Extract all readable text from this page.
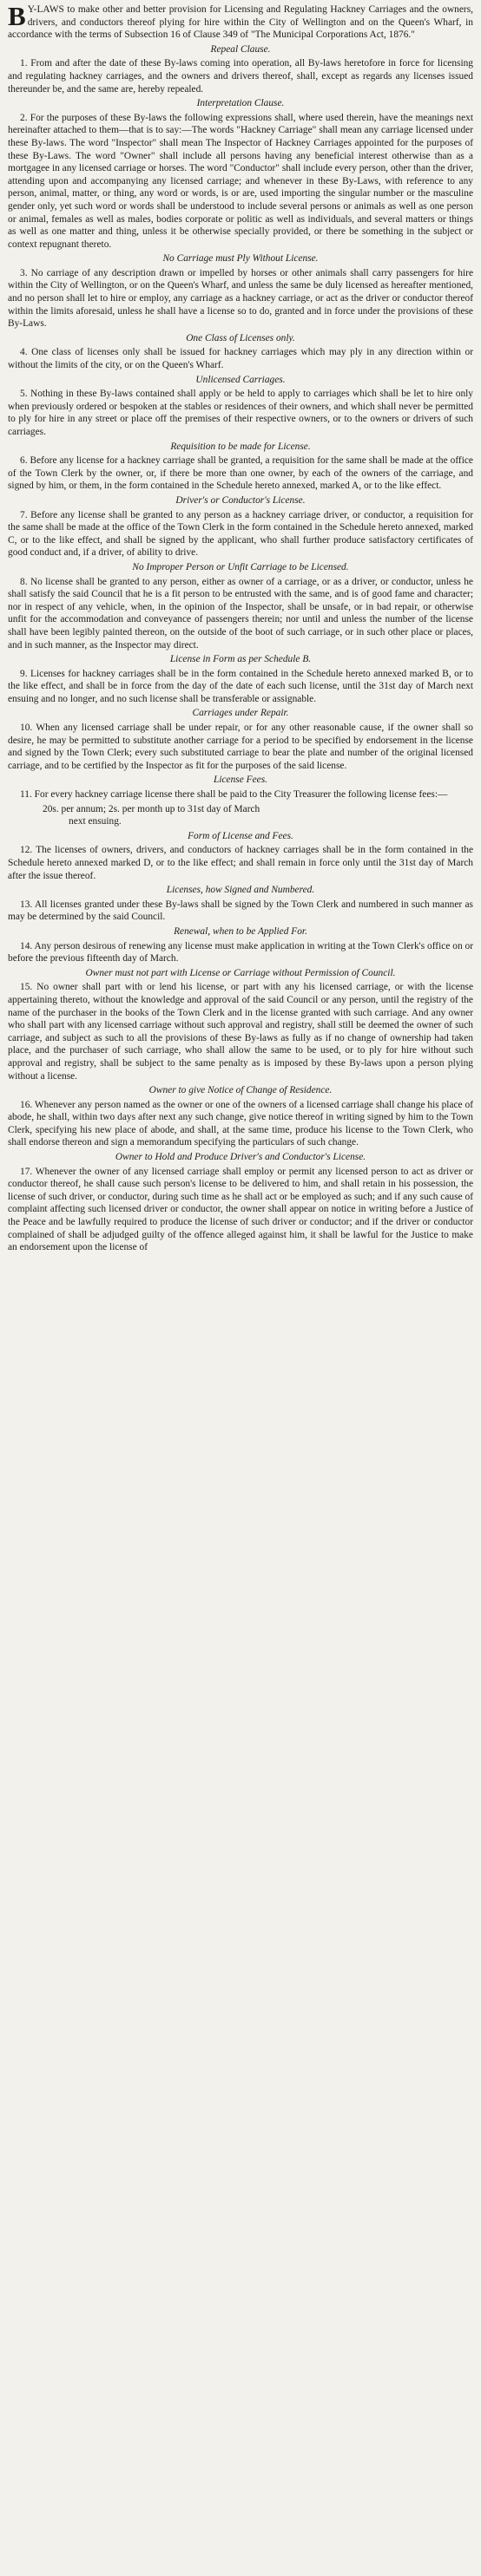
B Y-LAWS to make other and better provision for Licensing and Regulating Hackney Carriages and the owners, drivers, and conductors thereof plying for hire within the City of Wellington and on the Queen's Wharf, in accordance with the terms of Subsection 16 of Clause 349 of "The Municipal Corporations Act, 1876."

Repeal Clause.

1. From and after the date of these By-laws coming into operation, all By-laws heretofore in force for licensing and regulating hackney carriages, and the owners and drivers thereof, shall, except as regards any licenses issued thereunder be, and the same are, hereby repealed.

Interpretation Clause.

2. For the purposes of these By-laws the following expressions shall, where used therein, have the meanings next hereinafter attached to them—that is to say:—The words "Hackney Carriage" shall mean any carriage licensed under these By-laws. The word "Inspector" shall mean The Inspector of Hackney Carriages appointed for the purposes of these By-Laws. The word "Owner" shall include all persons having any beneficial interest otherwise than as a mortgagee in any licensed carriage or horses. The word "Conductor" shall include every person, other than the driver, attending upon and accompanying any licensed carriage; and whenever in these By-Laws, with reference to any person, animal, matter, or thing, any word or words, is or are, used importing the singular number or the masculine gender only, yet such word or words shall be understood to include several persons or animals as well as one person or animal, females as well as males, bodies corporate or politic as well as individuals, and several matters or things as well as one matter and thing, unless it be otherwise specially provided, or there be something in the subject or context repugnant thereto.

No Carriage must Ply Without License.

3. No carriage of any description drawn or impelled by horses or other animals shall carry passengers for hire within the City of Wellington, or on the Queen's Wharf, and unless the same be duly licensed as hereafter mentioned, and no person shall let to hire or employ, any carriage as a hackney carriage, or act as the driver or conductor thereof within the limits aforesaid, unless he shall have a license so to do, granted and in force under the provisions of these By-Laws.

One Class of Licenses only.

4. One class of licenses only shall be issued for hackney carriages which may ply in any direction within or without the limits of the city, or on the Queen's Wharf.

Unlicensed Carriages.

5. Nothing in these By-laws contained shall apply or be held to apply to carriages which shall be let to hire only when previously ordered or bespoken at the stables or residences of their owners, and which shall never be permitted to ply for hire in any street or place off the premises of their respective owners, or to the owners or drivers of such carriages.

Requisition to be made for License.

6. Before any license for a hackney carriage shall be granted, a requisition for the same shall be made at the office of the Town Clerk by the owner, or, if there be more than one owner, by each of the owners of the carriage, and signed by him, or them, in the form contained in the Schedule hereto annexed, marked A, or to the like effect.

Driver's or Conductor's License.

7. Before any license shall be granted to any person as a hackney carriage driver, or conductor, a requisition for the same shall be made at the office of the Town Clerk in the form contained in the Schedule hereto annexed, marked C, or to the like effect, and shall be signed by the applicant, who shall further produce satisfactory certificates of good conduct and, if a driver, of ability to drive.

No Improper Person or Unfit Carriage to be Licensed.

8. No license shall be granted to any person, either as owner of a carriage, or as a driver, or conductor, unless he shall satisfy the said Council that he is a fit person to be entrusted with the same, and is of good fame and character; nor in respect of any vehicle, when, in the opinion of the Inspector, shall be unsafe, or in bad repair, or otherwise unfit for the accommodation and conveyance of passengers therein; nor until and unless the number of the license shall have been legibly painted thereon, on the outside of the boot of such carriage, or in such other place or places, and in such manner, as the Inspector may direct.

License in Form as per Schedule B.

9. Licenses for hackney carriages shall be in the form contained in the Schedule hereto annexed marked B, or to the like effect, and shall be in force from the day of the date of each such license, until the 31st day of March next ensuing and no longer, and no such license shall be transferable or assignable.

Carriages under Repair.

10. When any licensed carriage shall be under repair, or for any other reasonable cause, if the owner shall so desire, he may be permitted to substitute another carriage for a period to be specified by endorsement in the license and signed by the Town Clerk; every such substituted carriage to bear the plate and number of the original licensed carriage, and to be certified by the Inspector as fit for the purposes of the said license.

License Fees.

11. For every hackney carriage license there shall be paid to the City Treasurer the following license fees:—

20s. per annum; 2s. per month up to 31st day of March
next ensuing.

Form of License and Fees.

12. The licenses of owners, drivers, and conductors of hackney carriages shall be in the form contained in the Schedule hereto annexed marked D, or to the like effect; and shall remain in force only until the 31st day of March after the issue thereof.

Licenses, how Signed and Numbered.

13. All licenses granted under these By-laws shall be signed by the Town Clerk and numbered in such manner as may be determined by the said Council.

Renewal, when to be Applied For.

14. Any person desirous of renewing any license must make application in writing at the Town Clerk's office on or before the previous fifteenth day of March.

Owner must not part with License or Carriage without Permission of Council.

15. No owner shall part with or lend his license, or part with any his licensed carriage, or with the license appertaining thereto, without the knowledge and approval of the said Council or any person, until the registry of the name of the purchaser in the books of the Town Clerk and in the license granted with such carriage. And any owner who shall part with any licensed carriage without such approval and registry, shall still be deemed the owner of such carriage, and subject as such to all the provisions of these By-laws as fully as if no change of ownership had taken place, and the purchaser of such carriage, who shall allow the same to be used, or to ply for hire without such approval and registry, shall be subject to the same penalty as is imposed by these By-laws upon a person plying without a license.

Owner to give Notice of Change of Residence.

16. Whenever any person named as the owner or one of the owners of a licensed carriage shall change his place of abode, he shall, within two days after next any such change, give notice thereof in writing signed by him to the Town Clerk, specifying his new place of abode, and shall, at the same time, produce his license to the Town Clerk, who shall endorse thereon and sign a memorandum specifying the particulars of such change.

Owner to Hold and Produce Driver's and Conductor's License.

17. Whenever the owner of any licensed carriage shall employ or permit any licensed person to act as driver or conductor thereof, he shall cause such person's license to be delivered to him, and shall retain in his possession, the license of such driver, or conductor, during such time as he shall act or be employed as such; and if any such cause of complaint affecting such licensed driver or conductor, the owner shall appear on notice in writing before a Justice of the Peace and be lawfully required to produce the license of such driver or conductor; and if the driver or conductor complained of shall be adjudged guilty of the offence alleged against him, it shall be lawful for the Justice to make an endorsement upon the license of
